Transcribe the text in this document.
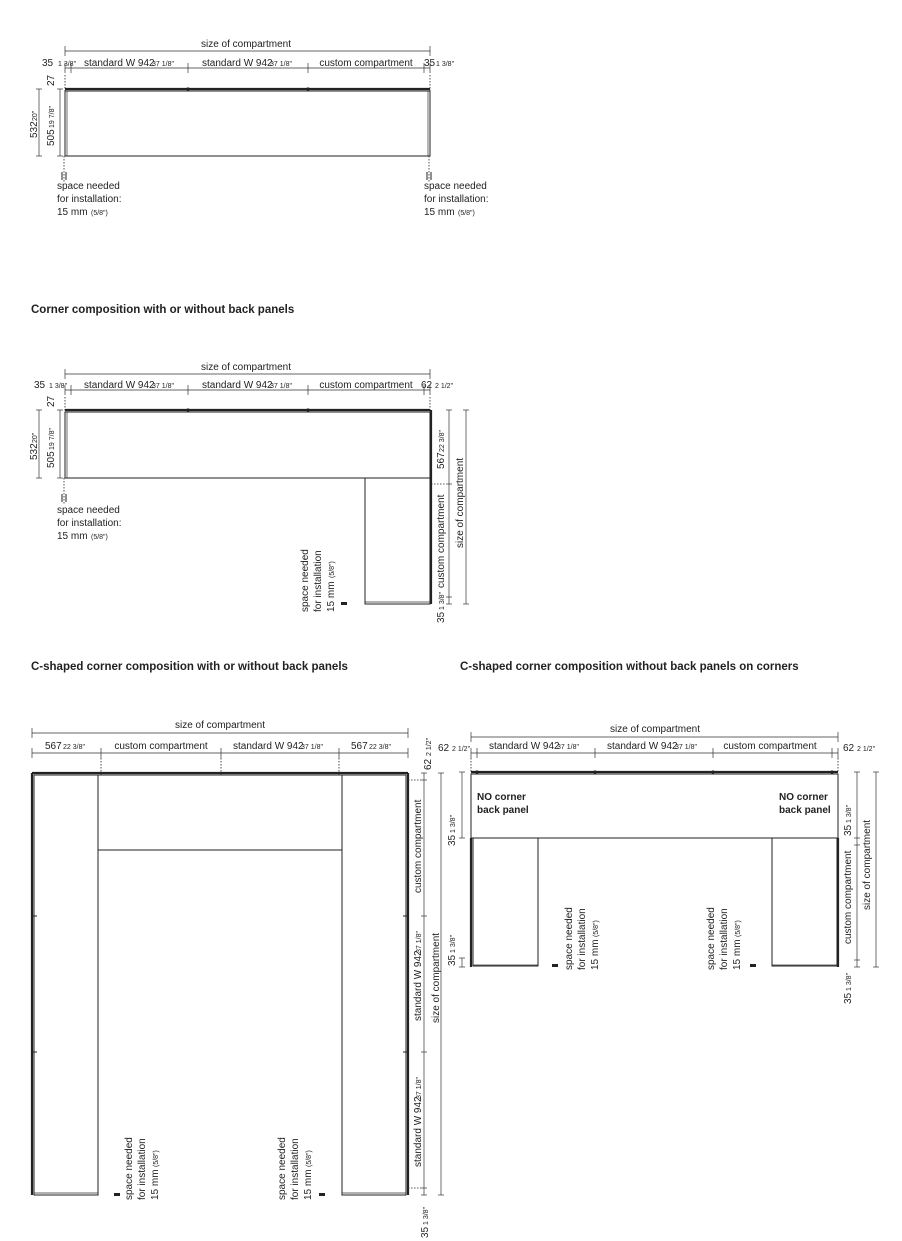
size of compartment
35 1 3/8" standard W 942
37 1/8"	standard W 942
37 1/8"	custom compartment 35 1 3/8"
27
532
20"
505
19 7/8"
space needed
for installation:
15 mm (5/8")
space needed
for installation:
15 mm (5/8")
Corner composition with or without back panels
size of compartment
35 1 3/8" standard W 942
37 1/8"	standard W 942
37 1/8"	custom compartment 62 2 1/2"
27
532
20"
505
19 7/8"
567
22 3/8"
custom compartment size of compartment
35
1 3/8"
space needed
for installation:
15 mm (5/8")
space needed for installation 15 mm
(5/8")
C-shaped corner composition with or without back panels
size of compartment
567 22 3/8"	custom compartment	standard W 942
37 1/8"	567 22 3/8"
62
2 1/2"
custom compartment
standard W 942
37 1/8"
standard W 942
37 1/8"
size of compartment
35
1 3/8"
space needed for installation 15 mm
(5/8")	space needed for installation 15 mm
(5/8")
C-shaped corner composition without back panels on corners
size of compartment
62 2 1/2" standard W 942
37 1/8"	standard W 942
37 1/8"	custom compartment	62 2 1/2"
NO corner
back panel
NO corner
back panel
35
1 3/8"
35
1 3/8"
35
1 3/8"
custom compartment size of compartment
35
1 3/8"
space needed for installation 15 mm
(5/8")	space needed for installation 15 mm
(5/8")
